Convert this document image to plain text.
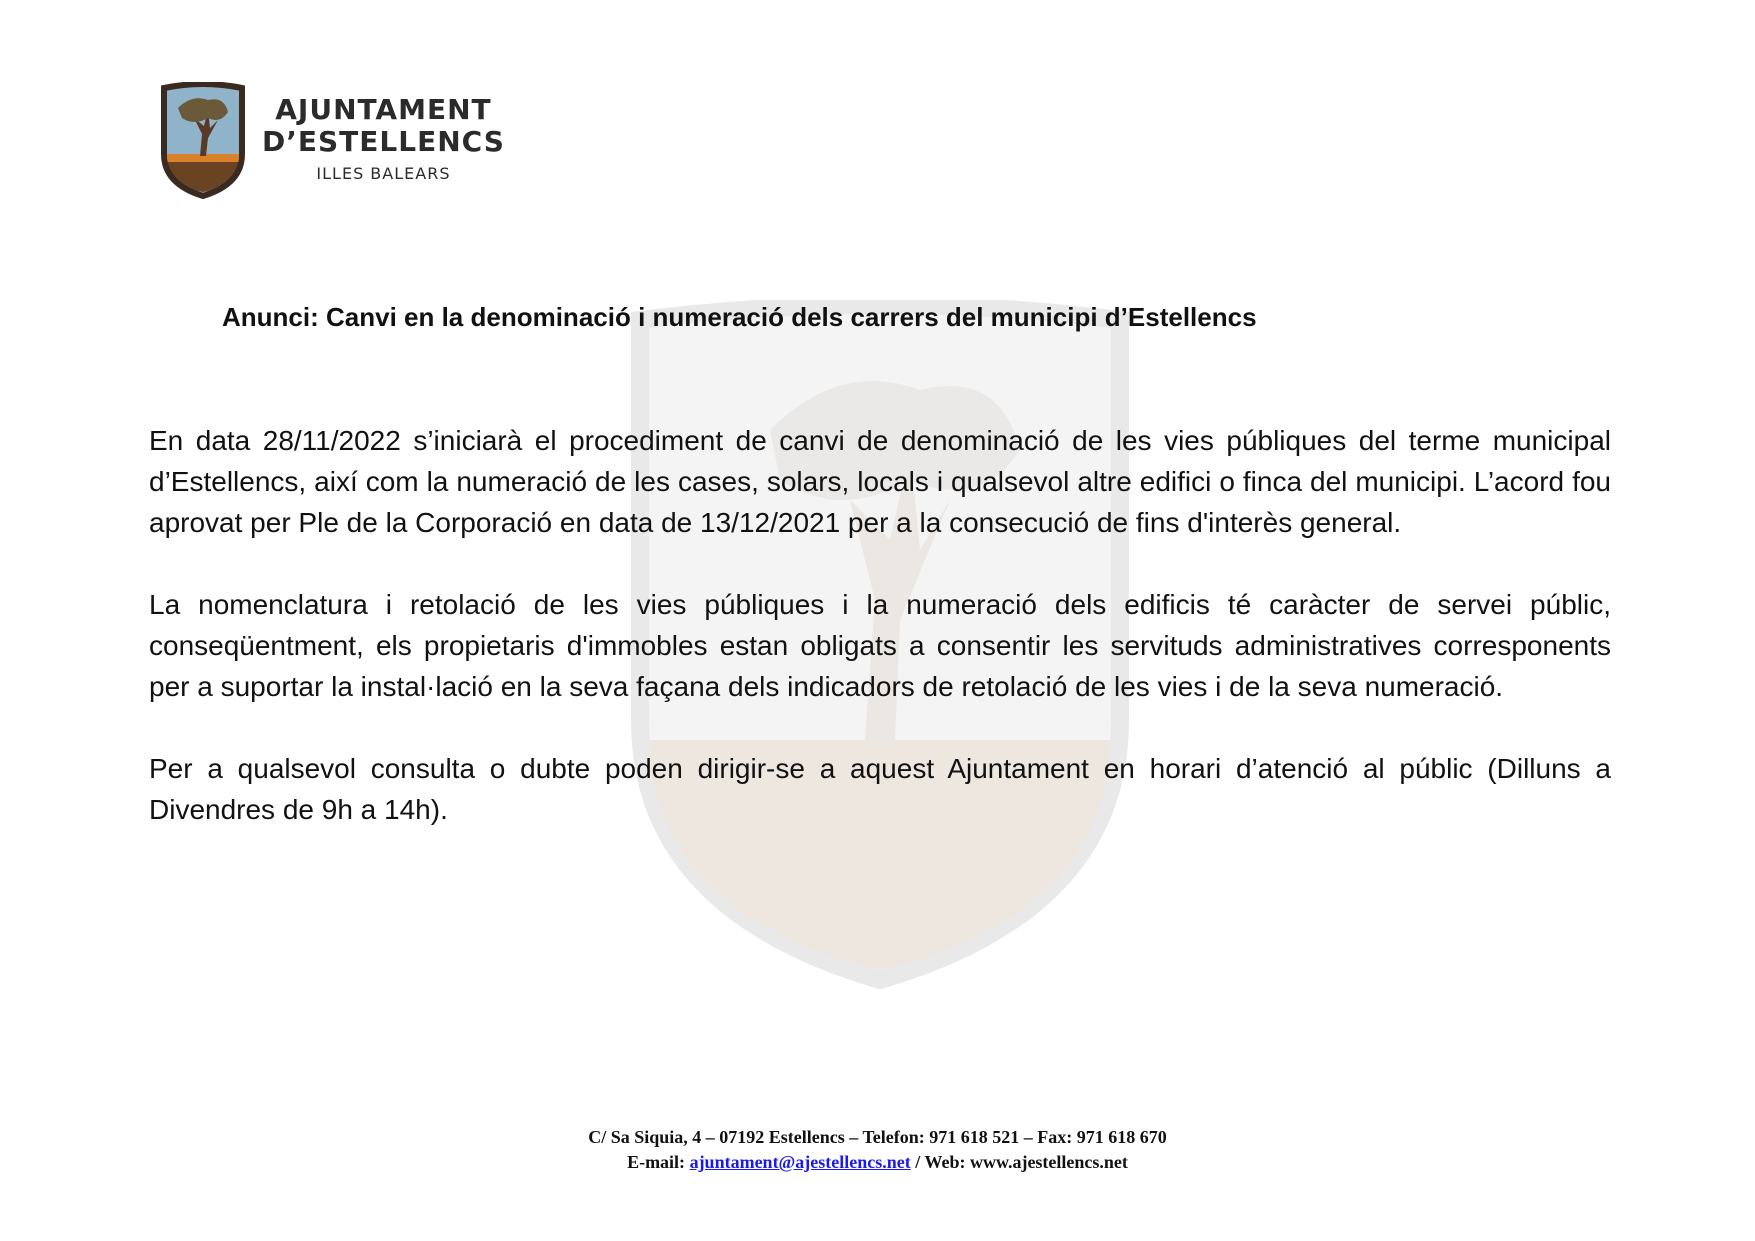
AJUNTAMENT
D’ESTELLENCS
ILLES BALEARS
Anunci: Canvi en la denominació i numeració dels carrers del municipi d’Estellencs

En data 28/11/2022 s’iniciarà el procediment de canvi de denominació de les vies públiques del terme municipal d’Estellencs, així com la numeració de les cases, solars, locals i qualsevol altre edifici o finca del municipi. L’acord fou aprovat per Ple de la Corporació en data de 13/12/2021 per a la consecució de fins d'interès general.

La nomenclatura i retolació de les vies públiques i la numeració dels edificis té caràcter de servei públic, conseqüentment, els propietaris d'immobles estan obligats a consentir les servituds administratives corresponents per a suportar la instal·lació en la seva façana dels indicadors de retolació de les vies i de la seva numeració.

Per a qualsevol consulta o dubte poden dirigir-se a aquest Ajuntament en horari d’atenció al públic (Dilluns a Divendres de 9h a 14h).

C/ Sa Siquia, 4 – 07192 Estellencs – Telefon: 971 618 521 – Fax: 971 618 670
E-mail: ajuntament@ajestellencs.net / Web: www.ajestellencs.net
